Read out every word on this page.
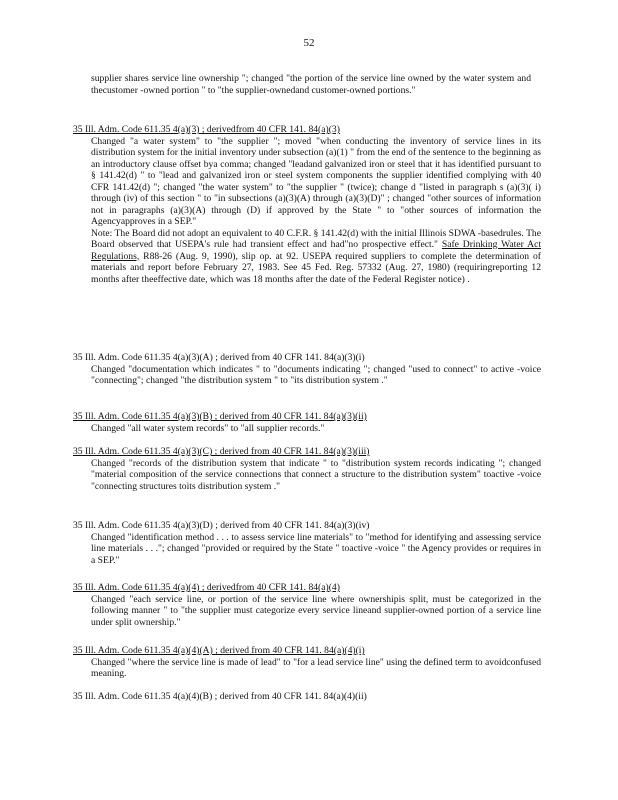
52
supplier shares service line ownership "; changed "the portion of the service line owned by the water system and thecustomer -owned portion " to "the supplier-ownedand customer-owned portions."
35 Ill. Adm. Code 611.35 4(a)(3) ; derivedfrom 40 CFR 141. 84(a)(3)
Changed "a water system" to "the supplier "; moved "when conducting the inventory of service lines in its distribution system for the initial inventory under subsection (a)(1) " from the end of the sentence to the beginning as an introductory clause offset bya comma; changed "leadand galvanized iron or steel that it has identified pursuant to § 141.42(d) " to "lead and galvanized iron or steel system components the supplier identified complying with 40 CFR 141.42(d) "; changed "the water system" to "the supplier " (twice); change d "listed in paragraph s (a)(3)( i) through (iv) of this section " to "in subsections (a)(3)(A) through (a)(3)(D)" ; changed "other sources of information not in paragraphs (a)(3)(A) through (D) if approved by the State " to "other sources of information the Agencyapproves in a SEP."
Note: The Board did not adopt an equivalent to 40 C.F.R. § 141.42(d) with the initial Illinois SDWA -basedrules. The Board observed that USEPA's rule had transient effect and had"no prospective effect." Safe Drinking Water Act Regulations, R88-26 (Aug. 9, 1990), slip op. at 92. USEPA required suppliers to complete the determination of materials and report before February 27, 1983. See 45 Fed. Reg. 57332 (Aug. 27, 1980) (requiringreporting 12 months after theeffective date, which was 18 months after the date of the Federal Register notice) .
35 Ill. Adm. Code 611.35 4(a)(3)(A) ; derived from 40 CFR 141. 84(a)(3)(i)
Changed "documentation which indicates " to "documents indicating "; changed "used to connect" to active -voice "connecting"; changed "the distribution system " to "its distribution system ."
35 Ill. Adm. Code 611.35 4(a)(3)(B) ; derived from 40 CFR 141. 84(a)(3)(ii)
Changed "all water system records" to "all supplier records."
35 Ill. Adm. Code 611.35 4(a)(3)(C) ; derived from 40 CFR 141. 84(a)(3)(iii)
Changed "records of the distribution system that indicate " to "distribution system records indicating "; changed "material composition of the service connections that connect a structure to the distribution system" toactive -voice "connecting structures toits distribution system ."
35 Ill. Adm. Code 611.35 4(a)(3)(D) ; derived from 40 CFR 141. 84(a)(3)(iv)
Changed "identification method . . . to assess service line materials" to "method for identifying and assessing service line materials . . ."; changed "provided or required by the State " toactive -voice " the Agency provides or requires in a SEP."
35 Ill. Adm. Code 611.35 4(a)(4) ; derivedfrom 40 CFR 141. 84(a)(4)
Changed "each service line, or portion of the service line where ownershipis split, must be categorized in the following manner " to "the supplier must categorize every service lineand supplier-owned portion of a service line under split ownership."
35 Ill. Adm. Code 611.35 4(a)(4)(A) ; derived from 40 CFR 141. 84(a)(4)(i)
Changed "where the service line is made of lead" to "for a lead service line" using the defined term to avoidconfused meaning.
35 Ill. Adm. Code 611.35 4(a)(4)(B) ; derived from 40 CFR 141. 84(a)(4)(ii)
